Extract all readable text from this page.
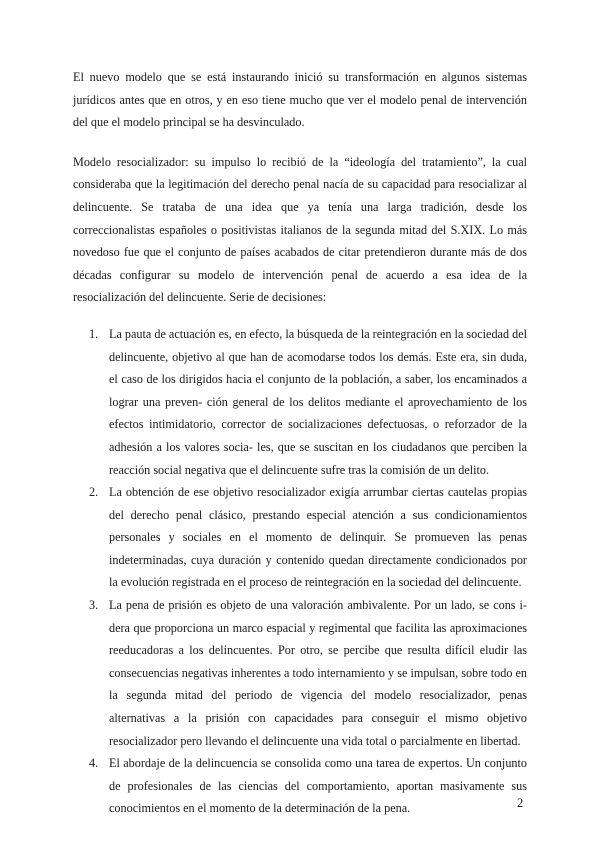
El nuevo modelo que se está instaurando inició su transformación en algunos sistemas jurídicos antes que en otros, y en eso tiene mucho que ver el modelo penal de intervención del que el modelo principal se ha desvinculado.

Modelo resocializador: su impulso lo recibió de la “ideología del tratamiento”, la cual consideraba que la legitimación del derecho penal nacía de su capacidad para resocializar al delincuente. Se trataba de una idea que ya tenía una larga tradición, desde los correccionalistas españoles o positivistas italianos de la segunda mitad del S.XIX. Lo más novedoso fue que el conjunto de países acabados de citar pretendieron durante más de dos décadas configurar su modelo de intervención penal de acuerdo a esa idea de la resocialización del delincuente. Serie de decisiones:

1. La pauta de actuación es, en efecto, la búsqueda de la reintegración en la sociedad del delincuente, objetivo al que han de acomodarse todos los demás. Este era, sin duda, el caso de los dirigidos hacia el conjunto de la población, a saber, los encaminados a lograr una preven- ción general de los delitos mediante el aprovechamiento de los efectos intimidatorio, corrector de socializaciones defectuosas, o reforzador de la adhesión a los valores socia- les, que se suscitan en los ciudadanos que perciben la reacción social negativa que el delincuente sufre tras la comisión de un delito.
2. La obtención de ese objetivo resocializador exigía arrumbar ciertas cautelas propias del derecho penal clásico, prestando especial atención a sus condicionamientos personales y sociales en el momento de delinquir. Se promueven las penas indeterminadas, cuya duración y contenido quedan directamente condicionados por la evolución registrada en el proceso de reintegración en la sociedad del delincuente.
3. La pena de prisión es objeto de una valoración ambivalente. Por un lado, se cons i- dera que proporciona un marco espacial y regimental que facilita las aproximaciones reeducadoras a los delincuentes. Por otro, se percibe que resulta difícil eludir las consecuencias negativas inherentes a todo internamiento y se impulsan, sobre todo en la segunda mitad del periodo de vigencia del modelo resocializador, penas alternativas a la prisión con capacidades para conseguir el mismo objetivo resocializador pero llevando el delincuente una vida total o parcialmente en libertad.
4. El abordaje de la delincuencia se consolida como una tarea de expertos. Un conjunto de profesionales de las ciencias del comportamiento, aportan masivamente sus conocimientos en el momento de la determinación de la pena.	2
